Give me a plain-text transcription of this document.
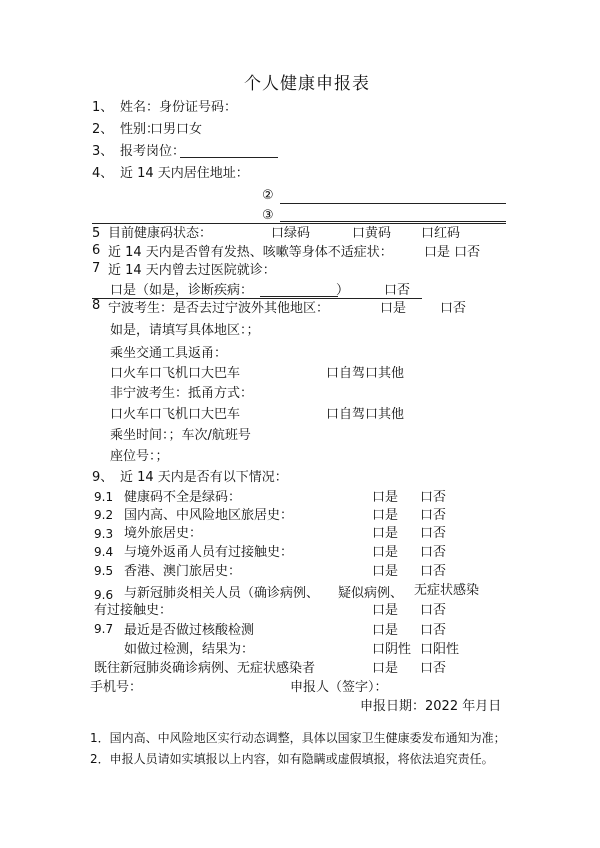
个人健康申报表
1、 姓名：身份证号码：
2、 性别：
口男口女
3、 报考岗位：
4、 近 14 天内居住地址：
②
③
5 目前健康码状态：	口绿码	口黄码 口红码
6 近 14 天内是否曾有发热、咳嗽等身体不适症状： 口是 口否
7 近 14 天内曾去过医院就诊：
口是（如是，诊断疾病：	）	口否
8 宁波考生：是否去过宁波外其他地区：	口是	口否
如是，请填写具体地区：；
乘坐交通工具返甬：
口火车口飞机口大巴车	口自驾口其他
非宁波考生：抵甬方式：
口火车口飞机口大巴车	口自驾口其他
乘坐时间：；车次/航班号
座位号：；
9、 近 14 天内是否有以下情况：
9.1 健康码不全是绿码：	口是 口否
9.2 国内高、中风险地区旅居史：	口是 口否
9.3 境外旅居史：	口是 口否
9.4 与境外返甬人员有过接触史：	口是 口否
9.5 香港、澳门旅居史：	口是 口否
9.6 与新冠肺炎相关人员（确诊病例、 疑似病例、 无症状感染
有过接触史：	口是 口否
9.7 最近是否做过核酸检测	口是 口否
如做过检测，结果为：	口阴性 口阳性
既往新冠肺炎确诊病例、无症状感染者	口是 口否
手机号：	申报人（签字）：
申报日期：2022 年月日
1．国内高、中风险地区实行动态调整，具体以国家卫生健康委发布通知为准；
2．申报人员请如实填报以上内容，如有隐瞒或虚假填报，将依法追究责任。
